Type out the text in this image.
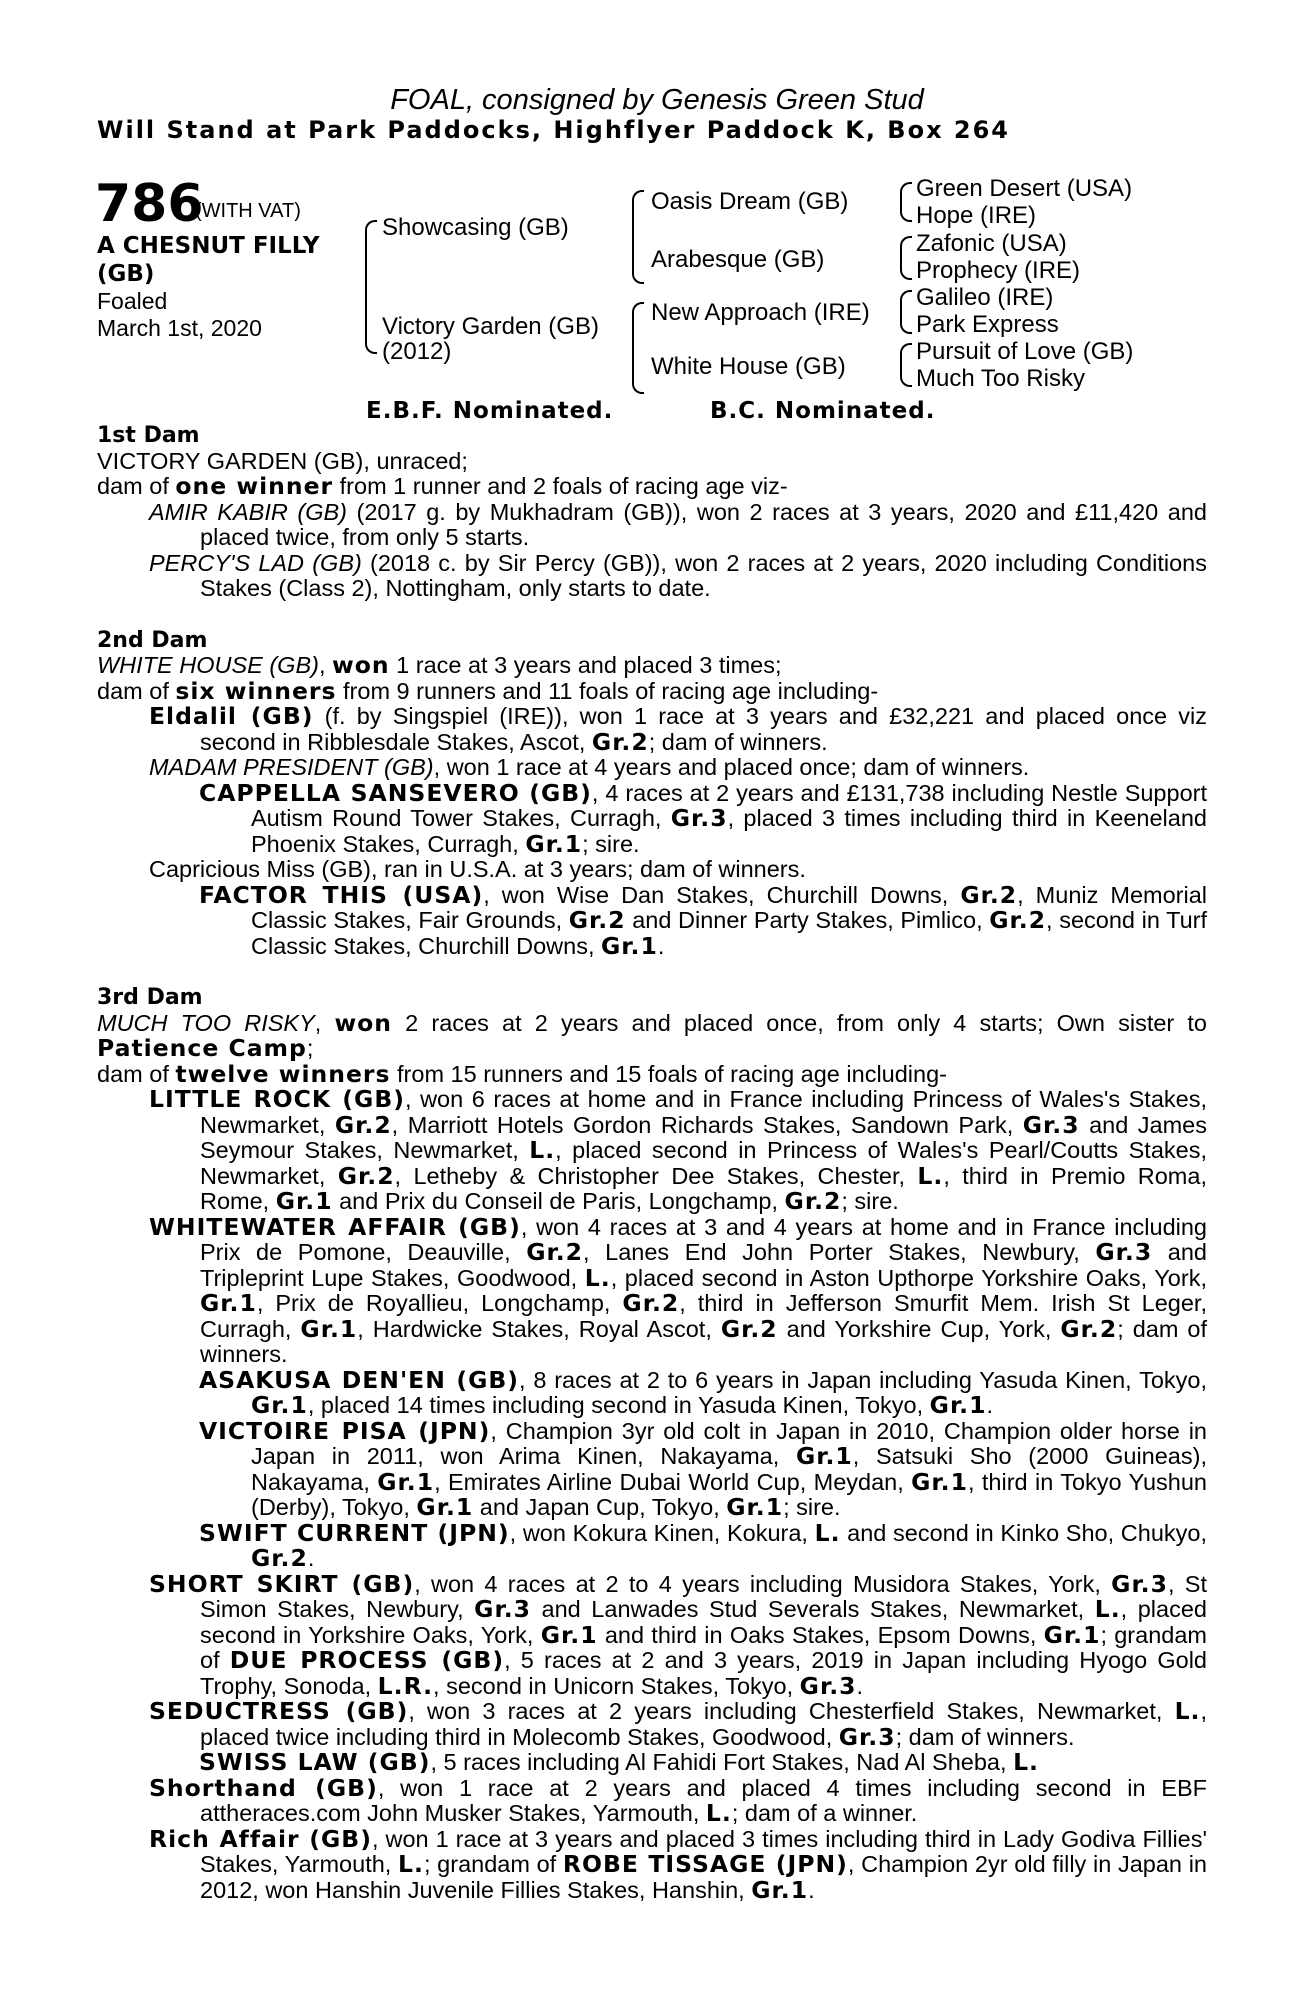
FOAL, consigned by Genesis Green Stud
Will Stand at Park Paddocks, Highflyer Paddock K, Box 264
786
(WITH VAT)
A CHESNUT FILLY
(GB)
Foaled
March 1st, 2020
Showcasing (GB)
Victory Garden (GB)
(2012)
Oasis Dream (GB)
Arabesque (GB)
New Approach (IRE)
White House (GB)
Green Desert (USA)
Hope (IRE)
Zafonic (USA)
Prophecy (IRE)
Galileo (IRE)
Park Express
Pursuit of Love (GB)
Much Too Risky
E.B.F. Nominated.	B.C. Nominated.

1st Dam

VICTORY GARDEN (GB), unraced;

dam of one winner from 1 runner and 2 foals of racing age viz-

AMIR KABIR (GB) (2017 g. by Mukhadram (GB)), won 2 races at 3 years, 2020 and £11,420 and placed twice, from only 5 starts.

PERCY'S LAD (GB) (2018 c. by Sir Percy (GB)), won 2 races at 2 years, 2020 including Conditions Stakes (Class 2), Nottingham, only starts to date.

2nd Dam

WHITE HOUSE (GB), won 1 race at 3 years and placed 3 times;

dam of six winners from 9 runners and 11 foals of racing age including-

Eldalil (GB) (f. by Singspiel (IRE)), won 1 race at 3 years and £32,221 and placed once viz second in Ribblesdale Stakes, Ascot, Gr.2; dam of winners.

MADAM PRESIDENT (GB), won 1 race at 4 years and placed once; dam of winners.

CAPPELLA SANSEVERO (GB), 4 races at 2 years and £131,738 including Nestle Support Autism Round Tower Stakes, Curragh, Gr.3, placed 3 times including third in Keeneland Phoenix Stakes, Curragh, Gr.1; sire.

Capricious Miss (GB), ran in U.S.A. at 3 years; dam of winners.

FACTOR THIS (USA), won Wise Dan Stakes, Churchill Downs, Gr.2, Muniz Memorial Classic Stakes, Fair Grounds, Gr.2 and Dinner Party Stakes, Pimlico, Gr.2, second in Turf Classic Stakes, Churchill Downs, Gr.1.

3rd Dam

MUCH TOO RISKY, won 2 races at 2 years and placed once, from only 4 starts; Own sister to Patience Camp;

dam of twelve winners from 15 runners and 15 foals of racing age including-

LITTLE ROCK (GB), won 6 races at home and in France including Princess of Wales's Stakes, Newmarket, Gr.2, Marriott Hotels Gordon Richards Stakes, Sandown Park, Gr.3 and James Seymour Stakes, Newmarket, L., placed second in Princess of Wales's Pearl/Coutts Stakes, Newmarket, Gr.2, Letheby & Christopher Dee Stakes, Chester, L., third in Premio Roma, Rome, Gr.1 and Prix du Conseil de Paris, Longchamp, Gr.2; sire.

WHITEWATER AFFAIR (GB), won 4 races at 3 and 4 years at home and in France including Prix de Pomone, Deauville, Gr.2, Lanes End John Porter Stakes, Newbury, Gr.3 and Tripleprint Lupe Stakes, Goodwood, L., placed second in Aston Upthorpe Yorkshire Oaks, York, Gr.1, Prix de Royallieu, Longchamp, Gr.2, third in Jefferson Smurfit Mem. Irish St Leger, Curragh, Gr.1, Hardwicke Stakes, Royal Ascot, Gr.2 and Yorkshire Cup, York, Gr.2; dam of winners.

ASAKUSA DEN'EN (GB), 8 races at 2 to 6 years in Japan including Yasuda Kinen, Tokyo, Gr.1, placed 14 times including second in Yasuda Kinen, Tokyo, Gr.1.

VICTOIRE PISA (JPN), Champion 3yr old colt in Japan in 2010, Champion older horse in Japan in 2011, won Arima Kinen, Nakayama, Gr.1, Satsuki Sho (2000 Guineas), Nakayama, Gr.1, Emirates Airline Dubai World Cup, Meydan, Gr.1, third in Tokyo Yushun (Derby), Tokyo, Gr.1 and Japan Cup, Tokyo, Gr.1; sire.

SWIFT CURRENT (JPN), won Kokura Kinen, Kokura, L. and second in Kinko Sho, Chukyo, Gr.2.

SHORT SKIRT (GB), won 4 races at 2 to 4 years including Musidora Stakes, York, Gr.3, St Simon Stakes, Newbury, Gr.3 and Lanwades Stud Severals Stakes, Newmarket, L., placed second in Yorkshire Oaks, York, Gr.1 and third in Oaks Stakes, Epsom Downs, Gr.1; grandam of DUE PROCESS (GB), 5 races at 2 and 3 years, 2019 in Japan including Hyogo Gold Trophy, Sonoda, L.R., second in Unicorn Stakes, Tokyo, Gr.3.

SEDUCTRESS (GB), won 3 races at 2 years including Chesterfield Stakes, Newmarket, L., placed twice including third in Molecomb Stakes, Goodwood, Gr.3; dam of winners.

SWISS LAW (GB), 5 races including Al Fahidi Fort Stakes, Nad Al Sheba, L.

Shorthand (GB), won 1 race at 2 years and placed 4 times including second in EBF attheraces.com John Musker Stakes, Yarmouth, L.; dam of a winner.

Rich Affair (GB), won 1 race at 3 years and placed 3 times including third in Lady Godiva Fillies' Stakes, Yarmouth, L.; grandam of ROBE TISSAGE (JPN), Champion 2yr old filly in Japan in 2012, won Hanshin Juvenile Fillies Stakes, Hanshin, Gr.1.
